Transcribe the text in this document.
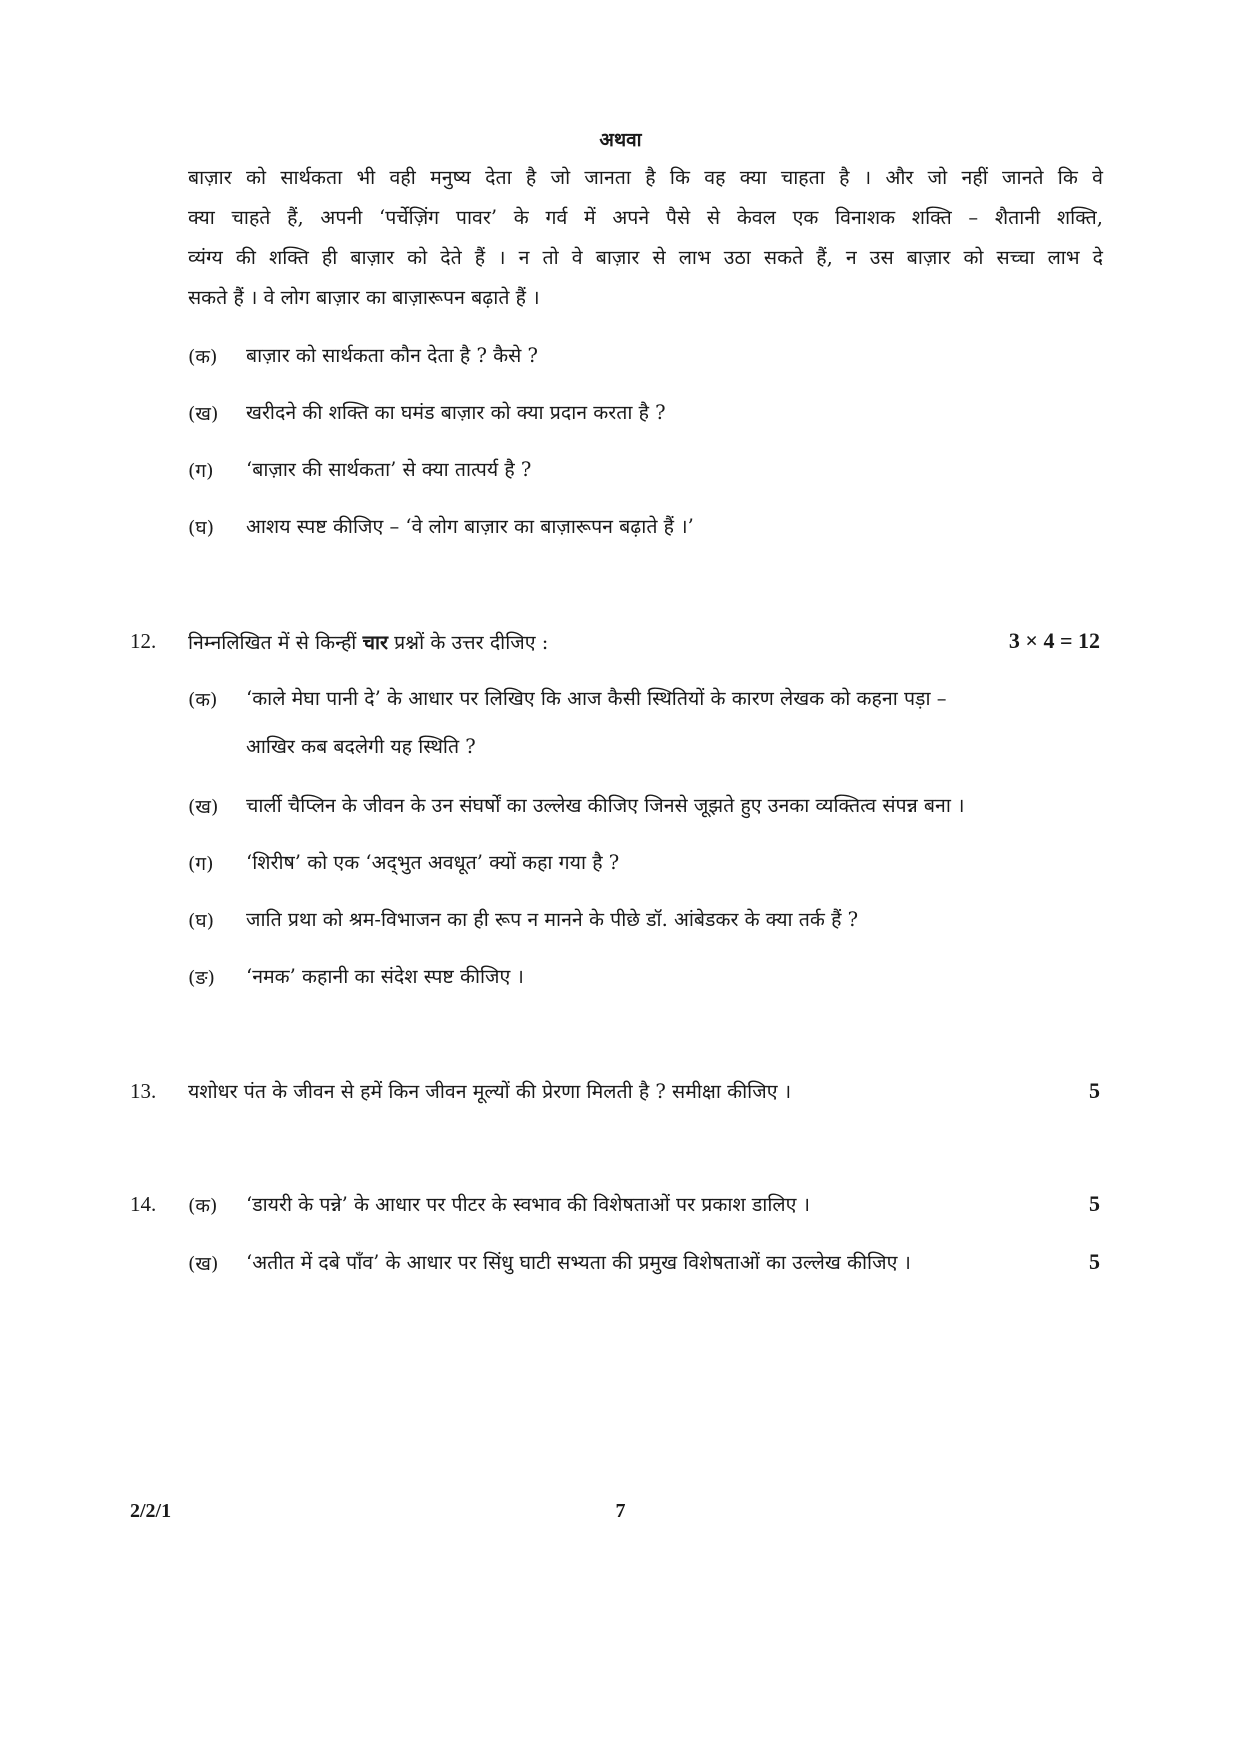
अथवा
बाज़ार को सार्थकता भी वही मनुष्य देता है जो जानता है कि वह क्या चाहता है । और जो नहीं जानते कि वे
क्या चाहते हैं, अपनी ‘पर्चेज़िंग पावर’ के गर्व में अपने पैसे से केवल एक विनाशक शक्ति – शैतानी शक्ति,
व्यंग्य की शक्ति ही बाज़ार को देते हैं । न तो वे बाज़ार से लाभ उठा सकते हैं, न उस बाज़ार को सच्चा लाभ दे
सकते हैं । वे लोग बाज़ार का बाज़ारूपन बढ़ाते हैं ।
(क) बाज़ार को सार्थकता कौन देता है ? कैसे ?
(ख) खरीदने की शक्ति का घमंड बाज़ार को क्या प्रदान करता है ?
(ग) ‘बाज़ार की सार्थकता’ से क्या तात्पर्य है ?
(घ) आशय स्पष्ट कीजिए – ‘वे लोग बाज़ार का बाज़ारूपन बढ़ाते हैं ।’
12. निम्नलिखित में से किन्हीं चार प्रश्नों के उत्तर दीजिए :	3 × 4 = 12
(क) ‘काले मेघा पानी दे’ के आधार पर लिखिए कि आज कैसी स्थितियों के कारण लेखक को कहना पड़ा –
आखिर कब बदलेगी यह स्थिति ?
(ख) चार्ली चैप्लिन के जीवन के उन संघर्षों का उल्लेख कीजिए जिनसे जूझते हुए उनका व्यक्तित्व संपन्न बना ।
(ग) ‘शिरीष’ को एक ‘अद्‌भुत अवधूत’ क्यों कहा गया है ?
(घ) जाति प्रथा को श्रम-विभाजन का ही रूप न मानने के पीछे डॉ. आंबेडकर के क्या तर्क हैं ?
(ङ) ‘नमक’ कहानी का संदेश स्पष्ट कीजिए ।
13. यशोधर पंत के जीवन से हमें किन जीवन मूल्यों की प्रेरणा मिलती है ? समीक्षा कीजिए ।	5
14. (क) ‘डायरी के पन्ने’ के आधार पर पीटर के स्वभाव की विशेषताओं पर प्रकाश डालिए ।	5
(ख) ‘अतीत में दबे पाँव’ के आधार पर सिंधु घाटी सभ्यता की प्रमुख विशेषताओं का उल्लेख कीजिए ।	5
2/2/1	7
